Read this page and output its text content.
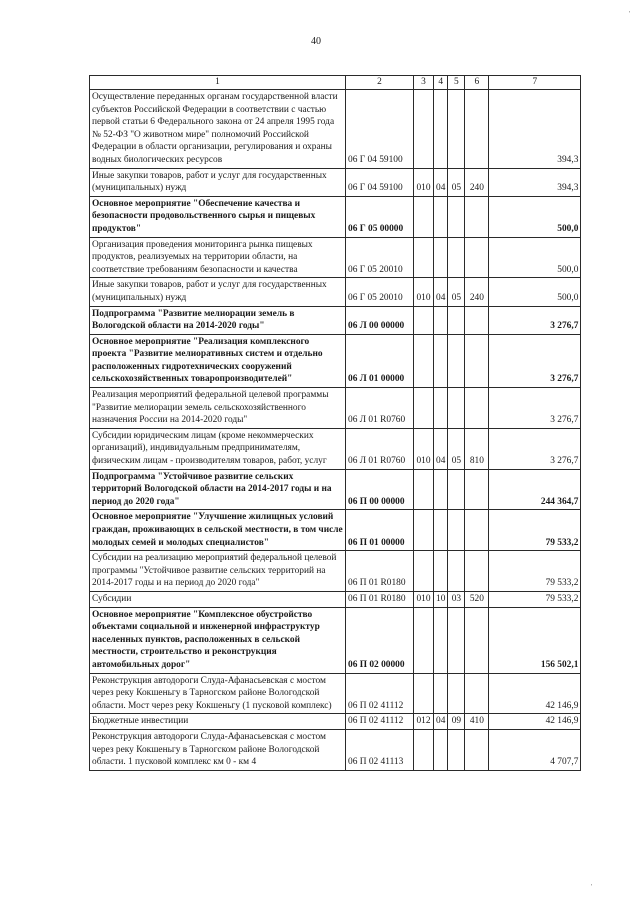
40
1	2	3	4	5	6	7
Осуществление переданных органам государственной власти субъектов Российской Федерации в соответствии с частью первой статьи 6 Федерального закона от 24 апреля 1995 года № 52-ФЗ "О животном мире" полномочий Российской Федерации в области организации, регулирования и охраны водных биологических ресурсов	06 Г 04 59100					394,3
Иные закупки товаров, работ и услуг для государственных (муниципальных) нужд	06 Г 04 59100	010	04	05	240	394,3
Основное мероприятие "Обеспечение качества и безопасности продовольственного сырья и пищевых продуктов"	06 Г 05 00000					500,0
Организация проведения мониторинга рынка пищевых продуктов, реализуемых на территории области, на соответствие требованиям безопасности и качества	06 Г 05 20010					500,0
Иные закупки товаров, работ и услуг для государственных (муниципальных) нужд	06 Г 05 20010	010	04	05	240	500,0
Подпрограмма "Развитие мелиорации земель в Вологодской области на 2014-2020 годы"	06 Л 00 00000					3 276,7
Основное мероприятие "Реализация комплексного проекта "Развитие мелиоративных систем и отдельно расположенных гидротехнических сооружений сельскохозяйственных товаропроизводителей"	06 Л 01 00000					3 276,7
Реализация мероприятий федеральной целевой программы "Развитие мелиорации земель сельскохозяйственного назначения России на 2014-2020 годы"	06 Л 01 R0760					3 276,7
Субсидии юридическим лицам (кроме некоммерческих организаций), индивидуальным предпринимателям, физическим лицам - производителям товаров, работ, услуг	06 Л 01 R0760	010	04	05	810	3 276,7
Подпрограмма "Устойчивое развитие сельских территорий Вологодской области на 2014-2017 годы и на период до 2020 года"	06 П 00 00000					244 364,7
Основное мероприятие "Улучшение жилищных условий граждан, проживающих в сельской местности, в том числе молодых семей и молодых специалистов"	06 П 01 00000					79 533,2
Субсидии на реализацию мероприятий федеральной целевой программы "Устойчивое развитие сельских территорий на 2014-2017 годы и на период до 2020 года"	06 П 01 R0180					79 533,2
Субсидии	06 П 01 R0180	010	10	03	520	79 533,2
Основное мероприятие "Комплексное обустройство объектами социальной и инженерной инфраструктур населенных пунктов, расположенных в сельской местности, строительство и реконструкция автомобильных дорог"	06 П 02 00000					156 502,1
Реконструкция автодороги Слуда-Афанасьевская с мостом через реку Кокшеньгу в Тарногском районе Вологодской области. Мост через реку Кокшеньгу (1 пусковой комплекс)	06 П 02 41112					42 146,9
Бюджетные инвестиции	06 П 02 41112	012	04	09	410	42 146,9
Реконструкция автодороги Слуда-Афанасьевская с мостом через реку Кокшеньгу в Тарногском районе Вологодской области. 1 пусковой комплекс км 0 - км 4	06 П 02 41113					4 707,7
'
'
